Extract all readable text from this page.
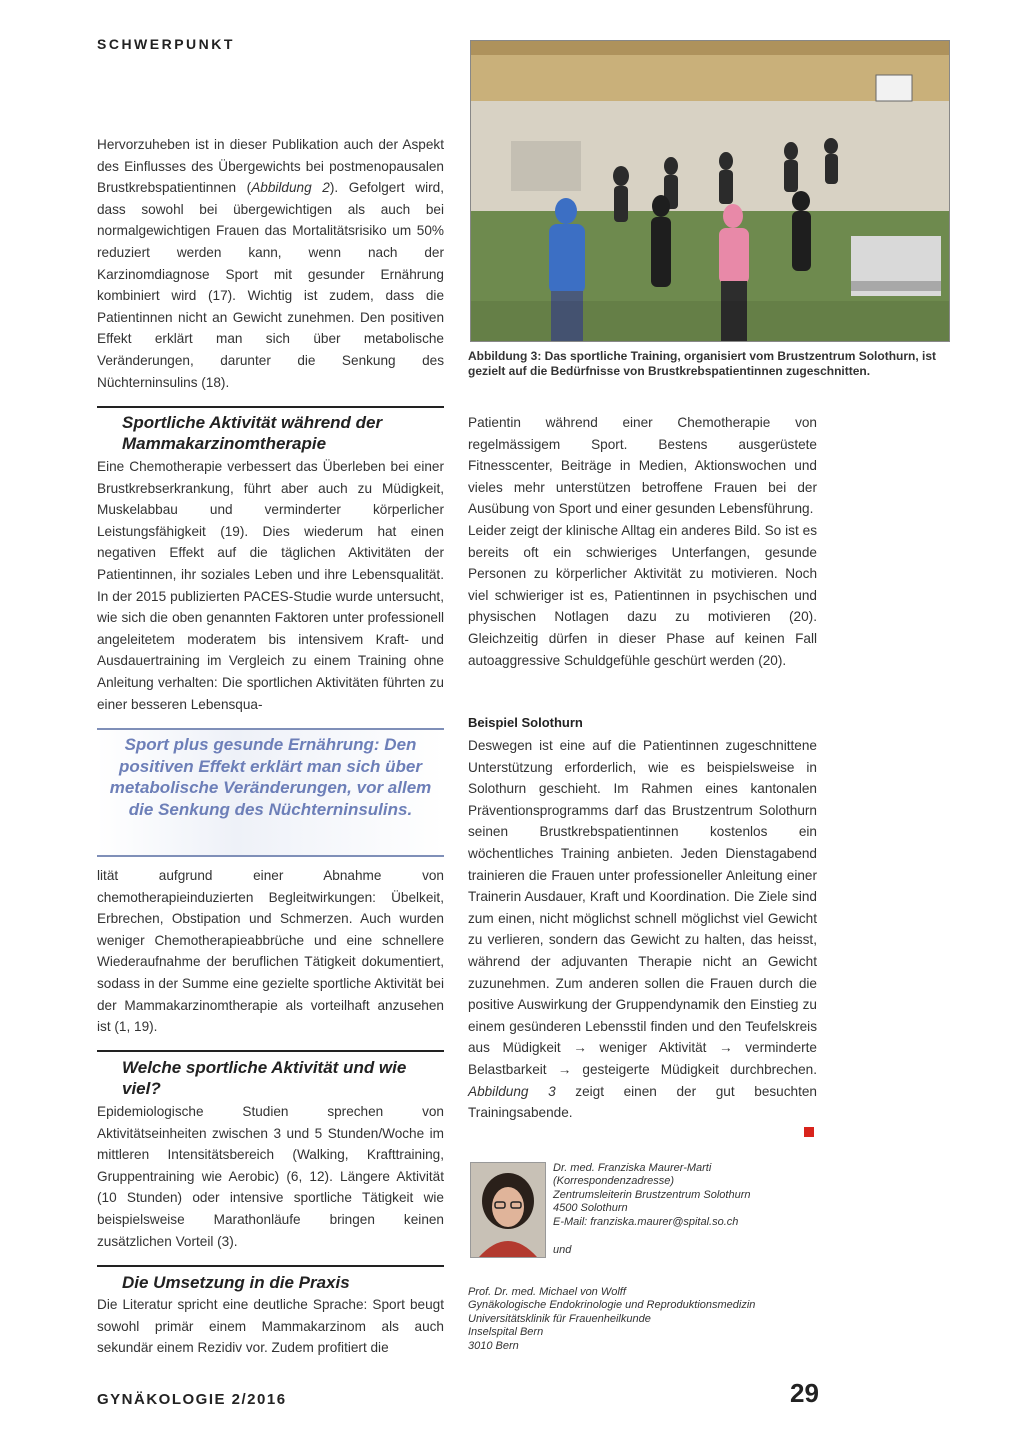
SCHWERPUNKT

Hervorzuheben ist in dieser Publikation auch der Aspekt des Einflusses des Übergewichts bei postmenopausalen Brustkrebspatientinnen (Abbildung 2). Gefolgert wird, dass sowohl bei übergewichtigen als auch bei normalgewichtigen Frauen das Mortalitätsrisiko um 50% reduziert werden kann, wenn nach der Karzinomdiagnose Sport mit gesunder Ernährung kombiniert wird (17). Wichtig ist zudem, dass die Patientinnen nicht an Gewicht zunehmen. Den positiven Effekt erklärt man sich über metabolische Veränderungen, darunter die Senkung des Nüchterninsulins (18).

Sportliche Aktivität während der Mammakarzinomtherapie

Eine Chemotherapie verbessert das Überleben bei einer Brustkrebserkrankung, führt aber auch zu Müdigkeit, Muskelabbau und verminderter körperlicher Leistungsfähigkeit (19). Dies wiederum hat einen negativen Effekt auf die täglichen Aktivitäten der Patientinnen, ihr soziales Leben und ihre Lebensqualität. In der 2015 publizierten PACES-Studie wurde untersucht, wie sich die oben genannten Faktoren unter professionell angeleitetem moderatem bis intensivem Kraft- und Ausdauertraining im Vergleich zu einem Training ohne Anleitung verhalten: Die sportlichen Aktivitäten führten zu einer besseren Lebensqua-

Sport plus gesunde Ernährung: Den positiven Effekt erklärt man sich über metabolische Veränderungen, vor allem die Senkung des Nüchterninsulins.

lität aufgrund einer Abnahme von chemotherapieinduzierten Begleitwirkungen: Übelkeit, Erbrechen, Obstipation und Schmerzen. Auch wurden weniger Chemotherapieabbrüche und eine schnellere Wiederaufnahme der beruflichen Tätigkeit dokumentiert, sodass in der Summe eine gezielte sportliche Aktivität bei der Mammakarzinomtherapie als vorteilhaft anzusehen ist (1, 19).

Welche sportliche Aktivität und wie viel?

Epidemiologische Studien sprechen von Aktivitätseinheiten zwischen 3 und 5 Stunden/Woche im mittleren Intensitätsbereich (Walking, Krafttraining, Gruppentraining wie Aerobic) (6, 12). Längere Aktivität (10 Stunden) oder intensive sportliche Tätigkeit wie beispielsweise Marathonläufe bringen keinen zusätzlichen Vorteil (3).

Die Umsetzung in die Praxis

Die Literatur spricht eine deutliche Sprache: Sport beugt sowohl primär einem Mammakarzinom als auch sekundär einem Rezidiv vor. Zudem profitiert die

Abbildung 3: Das sportliche Training, organisiert vom Brustzentrum Solothurn, ist gezielt auf die Bedürfnisse von Brustkrebspatientinnen zugeschnitten.

Patientin während einer Chemotherapie von regelmässigem Sport. Bestens ausgerüstete Fitnesscenter, Beiträge in Medien, Aktionswochen und vieles mehr unterstützen betroffene Frauen bei der Ausübung von Sport und einer gesunden Lebensführung.

Leider zeigt der klinische Alltag ein anderes Bild. So ist es bereits oft ein schwieriges Unterfangen, gesunde Personen zu körperlicher Aktivität zu motivieren. Noch viel schwieriger ist es, Patientinnen in psychischen und physischen Notlagen dazu zu motivieren (20). Gleichzeitig dürfen in dieser Phase auf keinen Fall autoaggressive Schuldgefühle geschürt werden (20).

Beispiel Solothurn

Deswegen ist eine auf die Patientinnen zugeschnittene Unterstützung erforderlich, wie es beispielsweise in Solothurn geschieht. Im Rahmen eines kantonalen Präventionsprogramms darf das Brustzentrum Solothurn seinen Brustkrebspatientinnen kostenlos ein wöchentliches Training anbieten. Jeden Dienstagabend trainieren die Frauen unter professioneller Anleitung einer Trainerin Ausdauer, Kraft und Koordination. Die Ziele sind zum einen, nicht möglichst schnell möglichst viel Gewicht zu verlieren, sondern das Gewicht zu halten, das heisst, während der adjuvanten Therapie nicht an Gewicht zuzunehmen. Zum anderen sollen die Frauen durch die positive Auswirkung der Gruppendynamik den Einstieg zu einem gesünderen Lebensstil finden und den Teufelskreis aus Müdigkeit → weniger Aktivität → verminderte Belastbarkeit → gesteigerte Müdigkeit durchbrechen. Abbildung 3 zeigt einen der gut besuchten Trainingsabende.

Dr. med. Franziska Maurer-Marti
(Korrespondenzadresse)
Zentrumsleiterin Brustzentrum Solothurn
4500 Solothurn
E-Mail: franziska.maurer@spital.so.ch
und
Prof. Dr. med. Michael von Wolff
Gynäkologische Endokrinologie und Reproduktionsmedizin
Universitätsklinik für Frauenheilkunde
Inselspital Bern
3010 Bern
GYNÄKOLOGIE 2/2016	29
